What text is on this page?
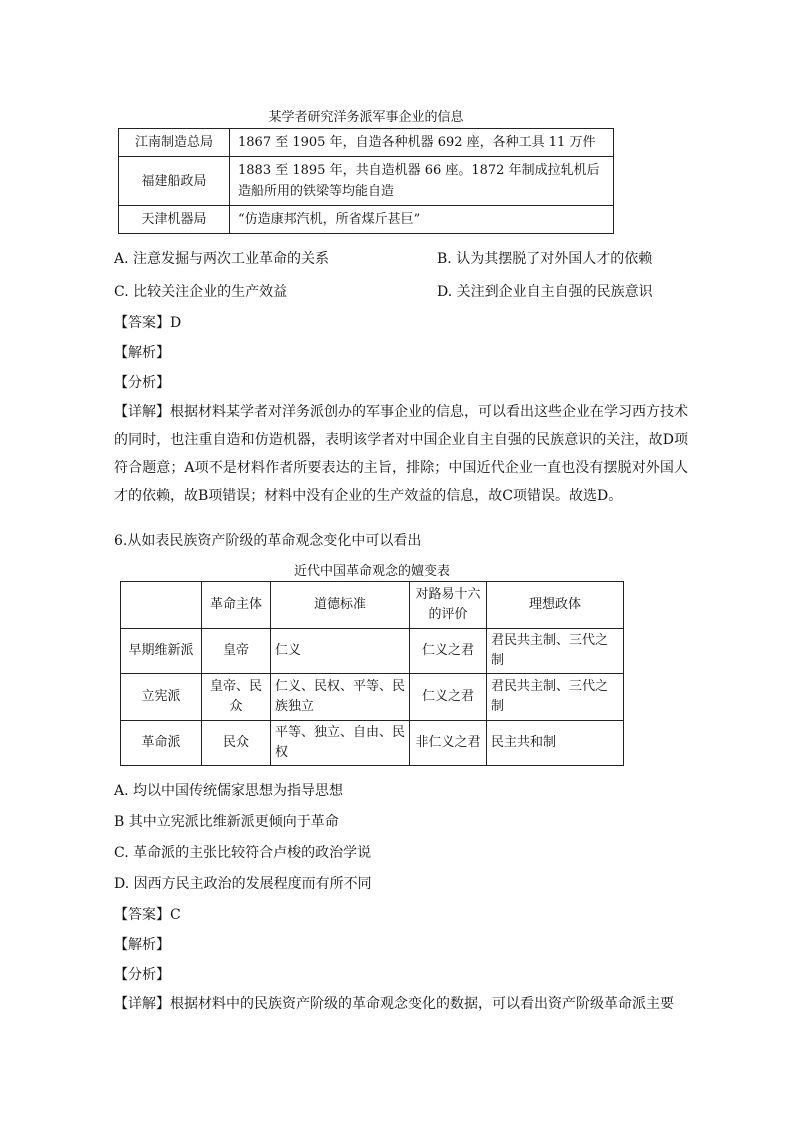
某学者研究洋务派军事企业的信息
江南制造总局	1867 至 1905 年，自造各种机器 692 座，各种工具 11 万件
福建船政局	1883 至 1895 年，共自造机器 66 座。1872 年制成拉轧机后造船所用的铁梁等均能自造
天津机器局	“仿造康邦汽机，所省煤斤甚巨”
A. 注意发掘与两次工业革命的关系	B. 认为其摆脱了对外国人才的依赖
C. 比较关注企业的生产效益	D. 关注到企业自主自强的民族意识
【答案】D
【解析】
【分析】
【详解】根据材料某学者对洋务派创办的军事企业的信息，可以看出这些企业在学习西方技术的同时，也注重自造和仿造机器，表明该学者对中国企业自主自强的民族意识的关注，故D项符合题意；A项不是材料作者所要表达的主旨，排除；中国近代企业一直也没有摆脱对外国人才的依赖，故B项错误；材料中没有企业的生产效益的信息，故C项错误。故选D。
6.从如表民族资产阶级的革命观念变化中可以看出
近代中国革命观念的嬗变表
	革命主体	道德标准	对路易十六的评价	理想政体
早期维新派	皇帝	仁义	仁义之君	君民共主制、三代之制
立宪派	皇帝、民众	仁义、民权、平等、民族独立	仁义之君	君民共主制、三代之制
革命派	民众	平等、独立、自由、民权	非仁义之君	民主共和制
A. 均以中国传统儒家思想为指导思想
B 其中立宪派比维新派更倾向于革命
C. 革命派的主张比较符合卢梭的政治学说
D. 因西方民主政治的发展程度而有所不同
【答案】C
【解析】
【分析】
【详解】根据材料中的民族资产阶级的革命观念变化的数据，可以看出资产阶级革命派主要
